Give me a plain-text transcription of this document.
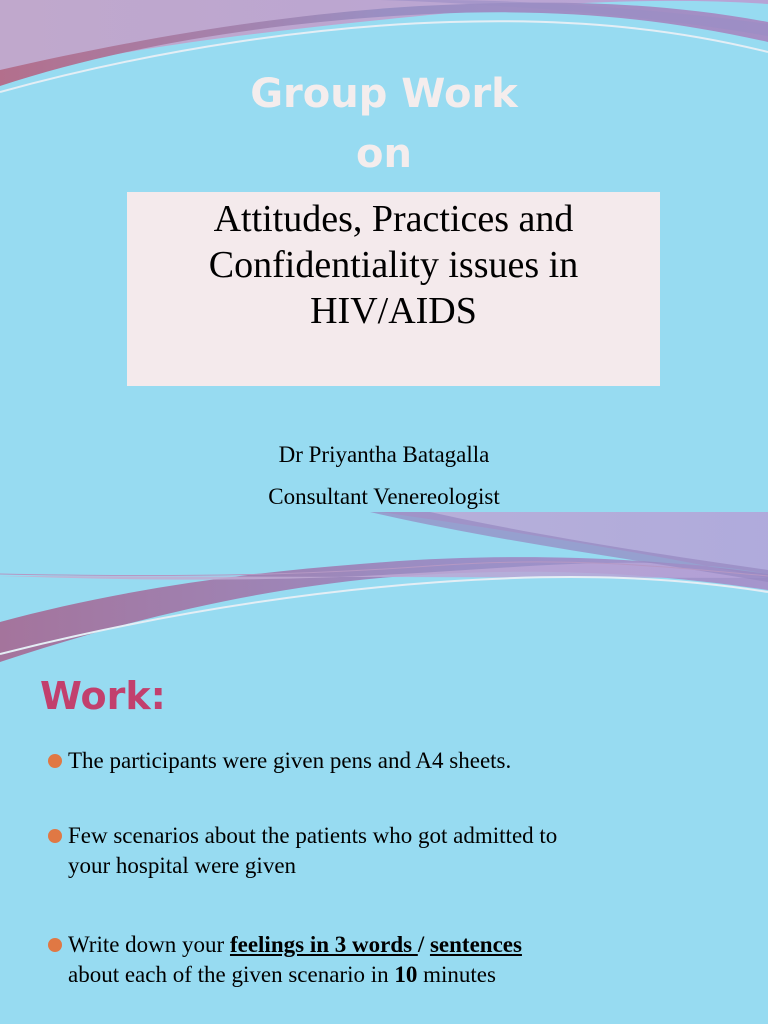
Group Work
on
Attitudes, Practices and
Confidentiality issues in
HIV/AIDS
Dr Priyantha Batagalla
Consultant Venereologist
Work:
The participants were given pens and A4 sheets.
Few scenarios about the patients who got admitted to
your hospital were given
Write down your feelings in 3 words / sentences
about each of the given scenario in 10 minutes
